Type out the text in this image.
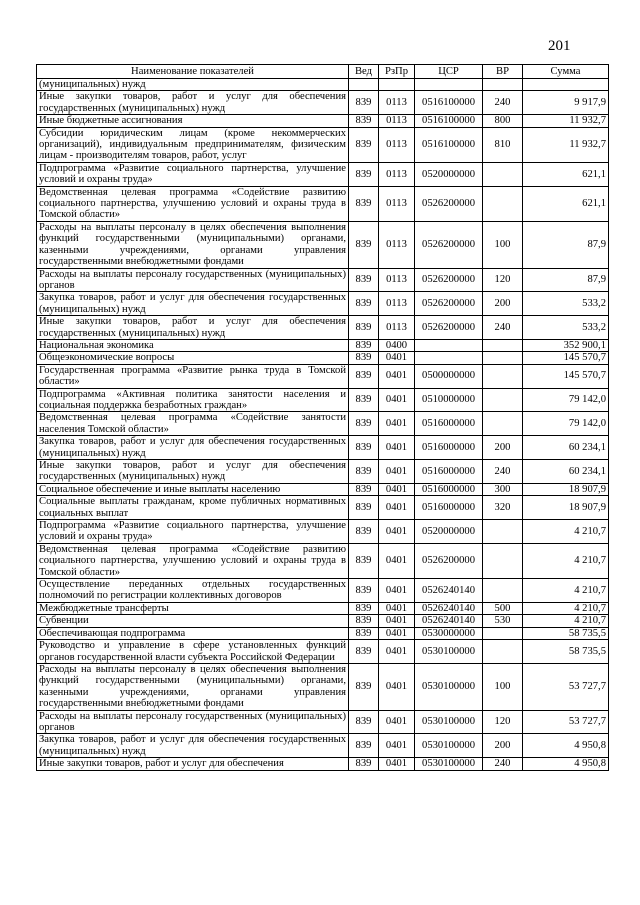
201
Наименование показателей	Вед	РзПр	ЦСР	ВР	Сумма
(муниципальных) нужд					
Иные закупки товаров, работ и услуг для обеспечения государственных (муниципальных) нужд	839	0113	0516100000	240	9 917,9
Иные бюджетные ассигнования	839	0113	0516100000	800	11 932,7
Субсидии юридическим лицам (кроме некоммерческих организаций), индивидуальным предпринимателям, физическим лицам - производителям товаров, работ, услуг	839	0113	0516100000	810	11 932,7
Подпрограмма «Развитие социального партнерства, улучшение условий и охраны труда»	839	0113	0520000000		621,1
Ведомственная целевая программа «Содействие развитию социального партнерства, улучшению условий и охраны труда в Томской области»	839	0113	0526200000		621,1
Расходы на выплаты персоналу в целях обеспечения выполнения функций государственными (муниципальными) органами, казенными учреждениями, органами управления государственными внебюджетными фондами	839	0113	0526200000	100	87,9
Расходы на выплаты персоналу государственных (муниципальных) органов	839	0113	0526200000	120	87,9
Закупка товаров, работ и услуг для обеспечения государственных (муниципальных) нужд	839	0113	0526200000	200	533,2
Иные закупки товаров, работ и услуг для обеспечения государственных (муниципальных) нужд	839	0113	0526200000	240	533,2
Национальная экономика	839	0400			352 900,1
Общеэкономические вопросы	839	0401			145 570,7
Государственная программа «Развитие рынка труда в Томской области»	839	0401	0500000000		145 570,7
Подпрограмма «Активная политика занятости населения и социальная поддержка безработных граждан»	839	0401	0510000000		79 142,0
Ведомственная целевая программа «Содействие занятости населения Томской области»	839	0401	0516000000		79 142,0
Закупка товаров, работ и услуг для обеспечения государственных (муниципальных) нужд	839	0401	0516000000	200	60 234,1
Иные закупки товаров, работ и услуг для обеспечения государственных (муниципальных) нужд	839	0401	0516000000	240	60 234,1
Социальное обеспечение и иные выплаты населению	839	0401	0516000000	300	18 907,9
Социальные выплаты гражданам, кроме публичных нормативных социальных выплат	839	0401	0516000000	320	18 907,9
Подпрограмма «Развитие социального партнерства, улучшение условий и охраны труда»	839	0401	0520000000		4 210,7
Ведомственная целевая программа «Содействие развитию социального партнерства, улучшению условий и охраны труда в Томской области»	839	0401	0526200000		4 210,7
Осуществление переданных отдельных государственных полномочий по регистрации коллективных договоров	839	0401	0526240140		4 210,7
Межбюджетные трансферты	839	0401	0526240140	500	4 210,7
Субвенции	839	0401	0526240140	530	4 210,7
Обеспечивающая подпрограмма	839	0401	0530000000		58 735,5
Руководство и управление в сфере установленных функций органов государственной власти субъекта Российской Федерации	839	0401	0530100000		58 735,5
Расходы на выплаты персоналу в целях обеспечения выполнения функций государственными (муниципальными) органами, казенными учреждениями, органами управления государственными внебюджетными фондами	839	0401	0530100000	100	53 727,7
Расходы на выплаты персоналу государственных (муниципальных) органов	839	0401	0530100000	120	53 727,7
Закупка товаров, работ и услуг для обеспечения государственных (муниципальных) нужд	839	0401	0530100000	200	4 950,8
Иные закупки товаров, работ и услуг для обеспечения	839	0401	0530100000	240	4 950,8
